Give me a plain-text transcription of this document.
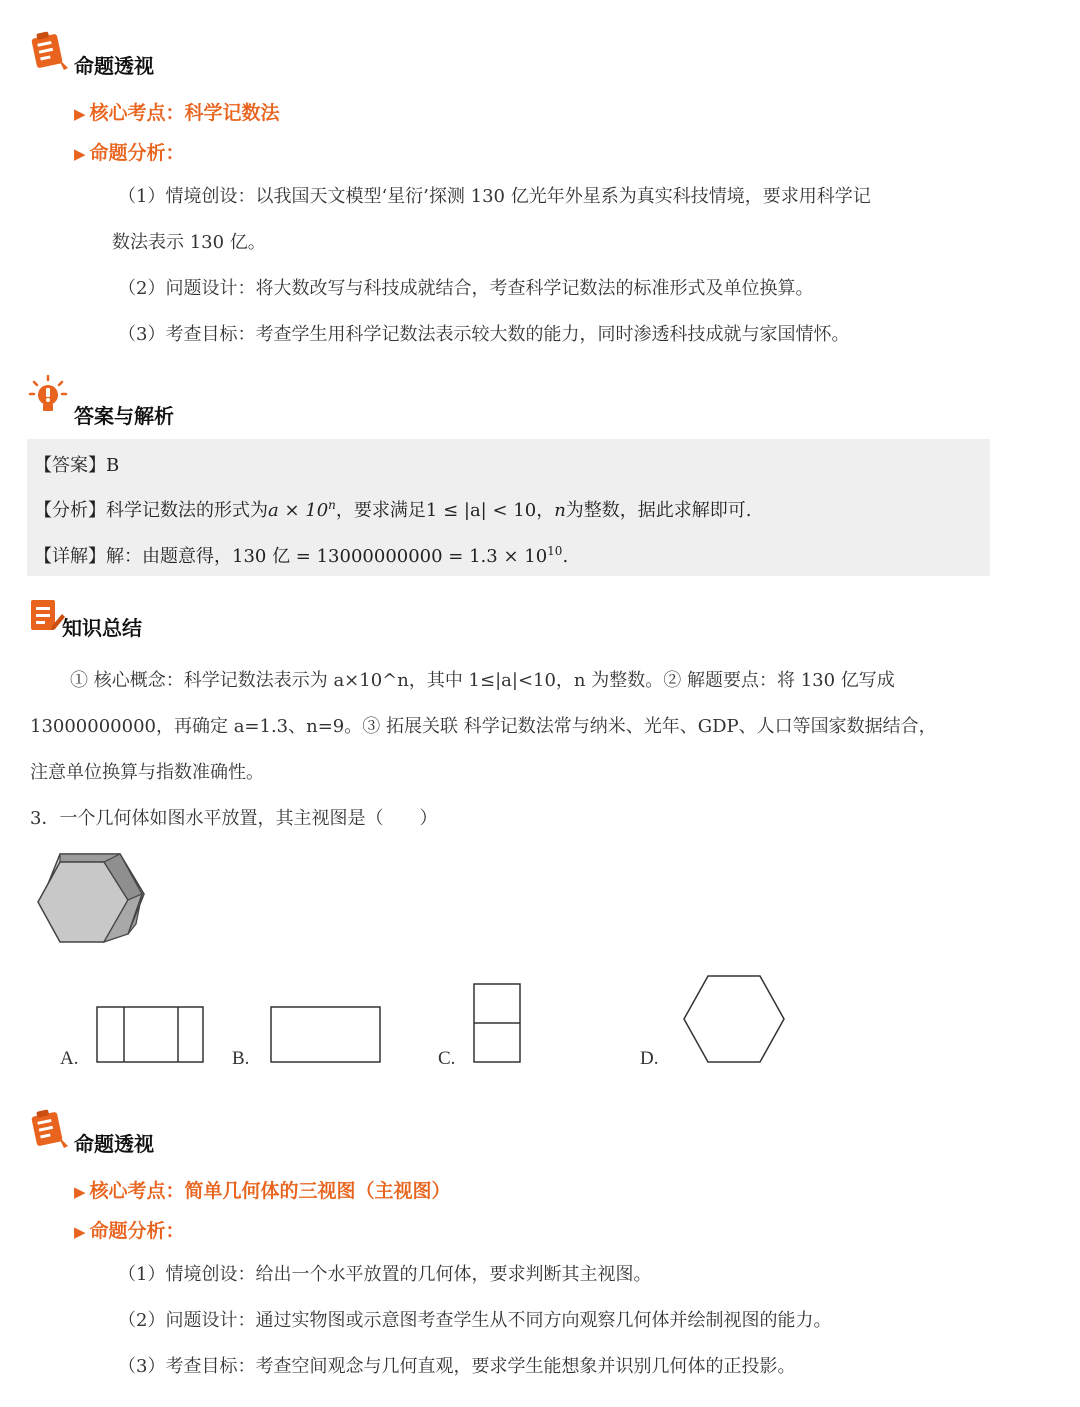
命题透视
▶ 核心考点：科学记数法
▶ 命题分析：
（1）情境创设：以我国天文模型‘星衍’探测 130 亿光年外星系为真实科技情境，要求用科学记
数法表示 130 亿。
（2）问题设计：将大数改写与科技成就结合，考查科学记数法的标准形式及单位换算。
（3）考查目标：考查学生用科学记数法表示较大数的能力，同时渗透科技成就与家国情怀。
答案与解析
【答案】B
【分析】科学记数法的形式为$a \times 10^n$，要求满足1 ≤ |a| < 10，n为整数，据此求解即可.
【详解】解：由题意得，130 亿 = $13000000000 = 1.3 \times 10^{10}$.
知识总结
① 核心概念：科学记数法表示为 a×10^n，其中 1≤|a|<10，n 为整数。② 解题要点：将 130 亿写成
13000000000，再确定 a=1.3、n=9。③ 拓展关联 科学记数法常与纳米、光年、GDP、人口等国家数据结合，
注意单位换算与指数准确性。
3．一个几何体如图水平放置，其主视图是（　　）
A.	B.	C.	D.
命题透视
▶ 核心考点：简单几何体的三视图（主视图）
▶ 命题分析：
（1）情境创设：给出一个水平放置的几何体，要求判断其主视图。
（2）问题设计：通过实物图或示意图考查学生从不同方向观察几何体并绘制视图的能力。
（3）考查目标：考查空间观念与几何直观，要求学生能想象并识别几何体的正投影。
